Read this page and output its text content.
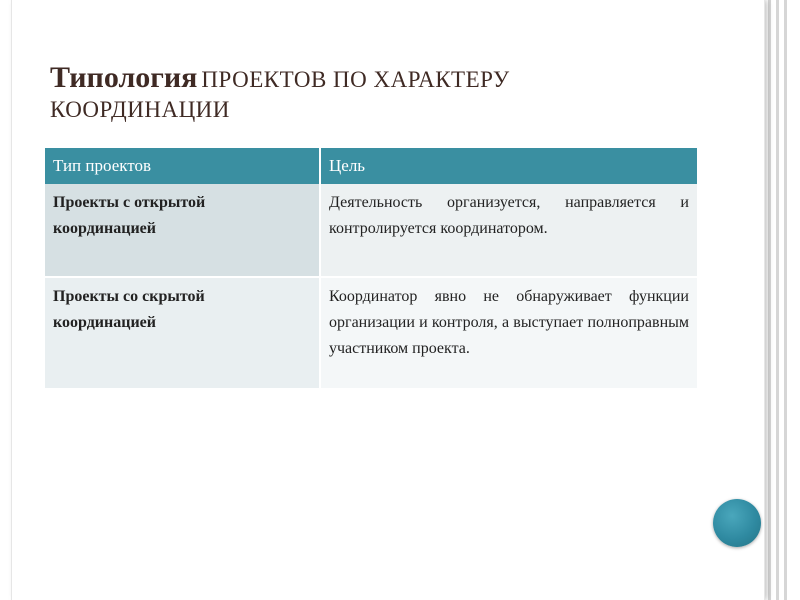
Типология ПРОЕКТОВ ПО ХАРАКТЕРУ
КООРДИНАЦИИ
Тип проектов	Цель
Проекты с открытой координацией	Деятельность организуется, направляется и контролируется координатором.
Проекты со скрытой координацией	Координатор явно не обнаруживает функции организации и контроля, а выступает полноправным участником проекта.
